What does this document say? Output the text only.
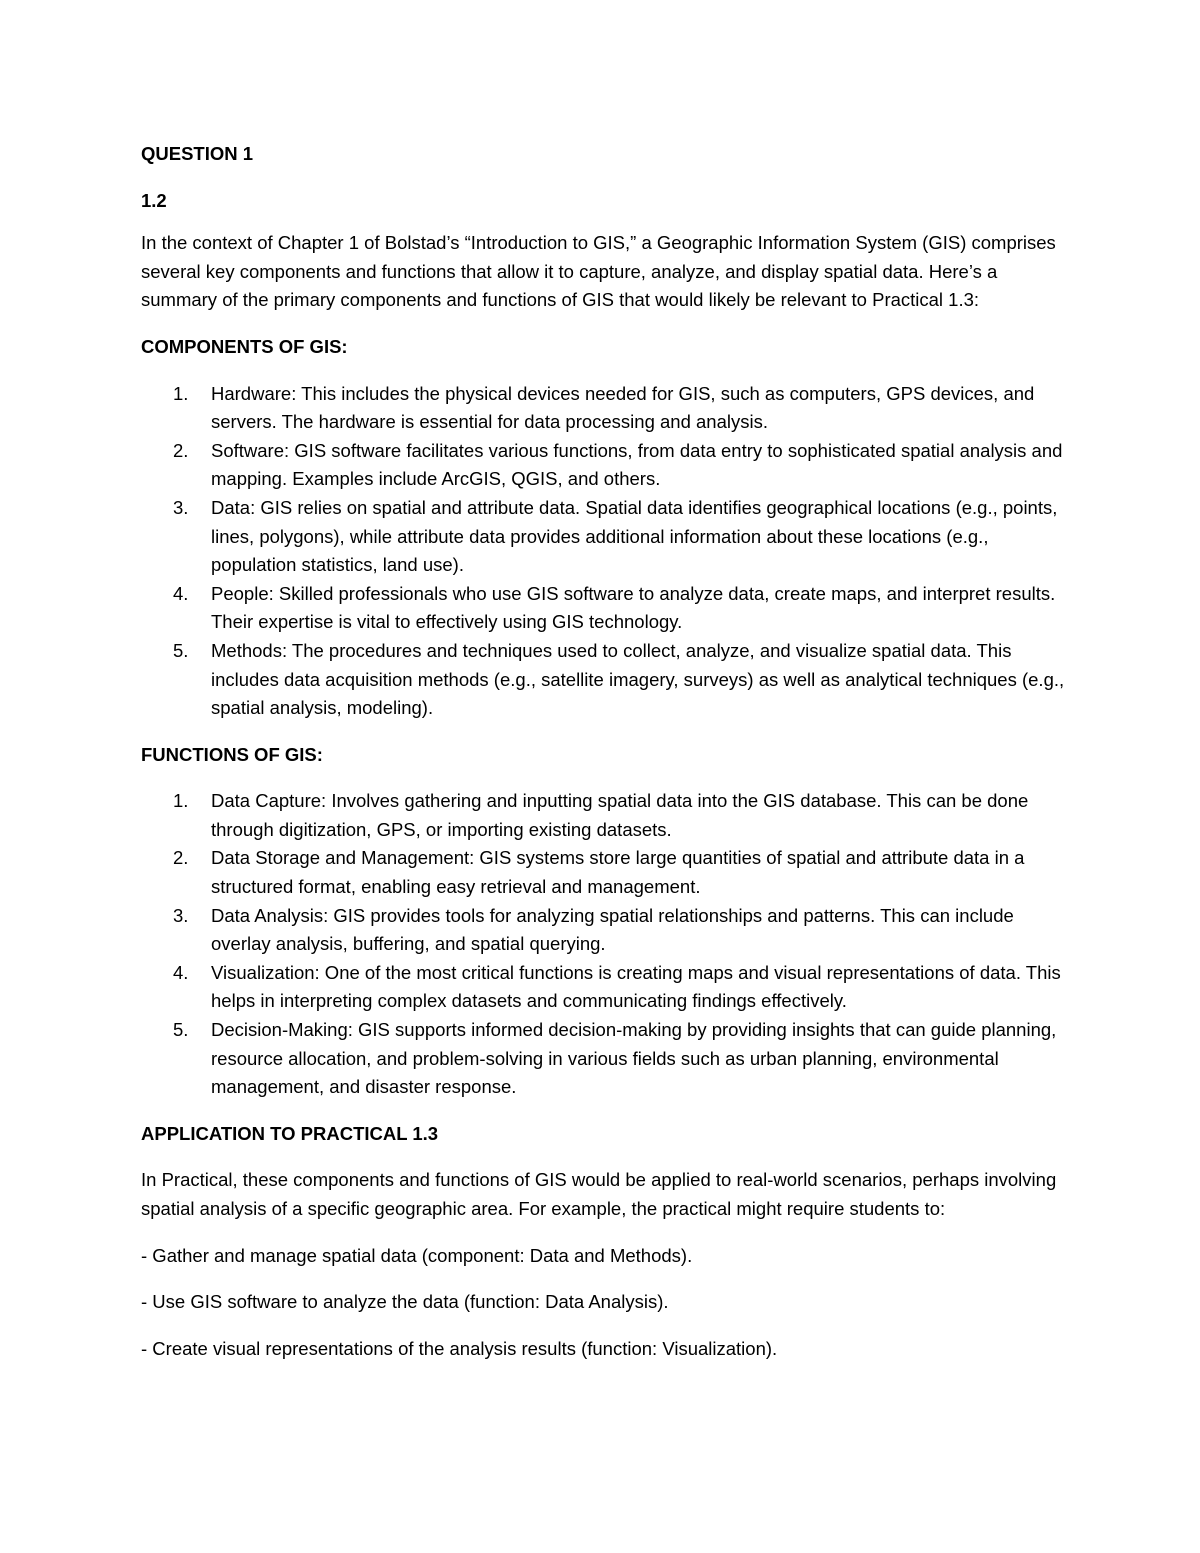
QUESTION 1

1.2

In the context of Chapter 1 of Bolstad’s “Introduction to GIS,” a Geographic Information System (GIS) comprises several key components and functions that allow it to capture, analyze, and display spatial data. Here’s a summary of the primary components and functions of GIS that would likely be relevant to Practical 1.3:

COMPONENTS OF GIS:

1. Hardware: This includes the physical devices needed for GIS, such as computers, GPS devices, and servers. The hardware is essential for data processing and analysis.
2. Software: GIS software facilitates various functions, from data entry to sophisticated spatial analysis and mapping. Examples include ArcGIS, QGIS, and others.
3. Data: GIS relies on spatial and attribute data. Spatial data identifies geographical locations (e.g., points, lines, polygons), while attribute data provides additional information about these locations (e.g., population statistics, land use).
4. People: Skilled professionals who use GIS software to analyze data, create maps, and interpret results. Their expertise is vital to effectively using GIS technology.
5. Methods: The procedures and techniques used to collect, analyze, and visualize spatial data. This includes data acquisition methods (e.g., satellite imagery, surveys) as well as analytical techniques (e.g., spatial analysis, modeling).

FUNCTIONS OF GIS:

1. Data Capture: Involves gathering and inputting spatial data into the GIS database. This can be done through digitization, GPS, or importing existing datasets.
2. Data Storage and Management: GIS systems store large quantities of spatial and attribute data in a structured format, enabling easy retrieval and management.
3. Data Analysis: GIS provides tools for analyzing spatial relationships and patterns. This can include overlay analysis, buffering, and spatial querying.
4. Visualization: One of the most critical functions is creating maps and visual representations of data. This helps in interpreting complex datasets and communicating findings effectively.
5. Decision-Making: GIS supports informed decision-making by providing insights that can guide planning, resource allocation, and problem-solving in various fields such as urban planning, environmental management, and disaster response.

APPLICATION TO PRACTICAL 1.3

In Practical, these components and functions of GIS would be applied to real-world scenarios, perhaps involving spatial analysis of a specific geographic area. For example, the practical might require students to:

- Gather and manage spatial data (component: Data and Methods).

- Use GIS software to analyze the data (function: Data Analysis).

- Create visual representations of the analysis results (function: Visualization).
